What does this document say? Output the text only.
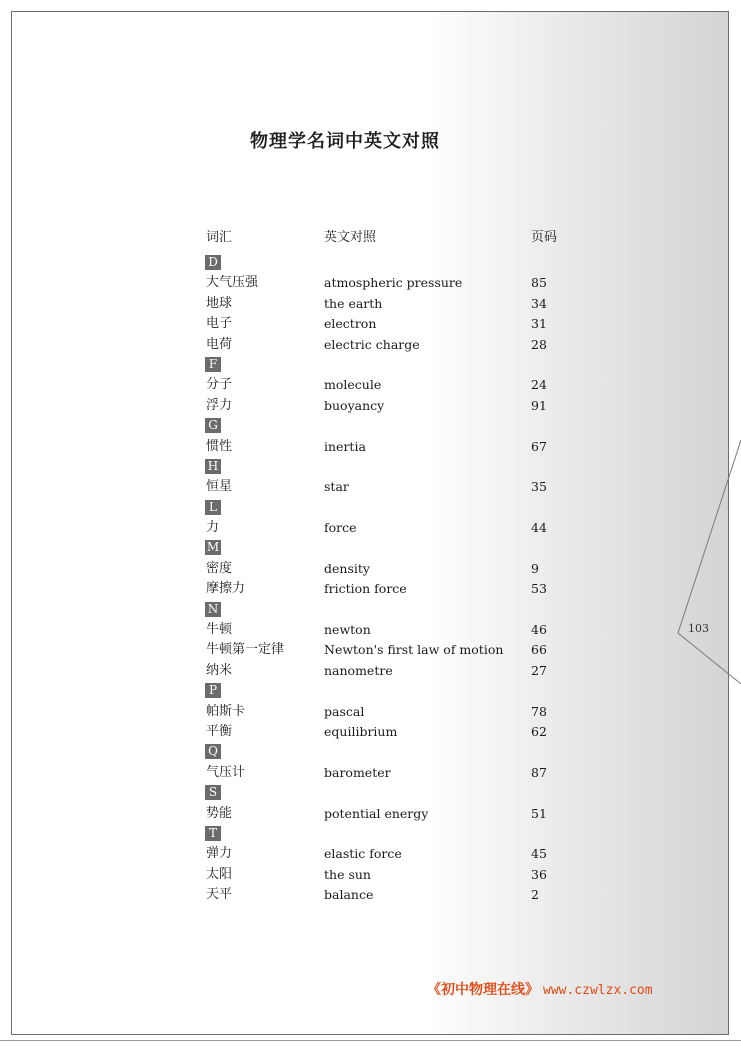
103
物理学名词中英文对照
词汇	英文对照	页码
D
大气压强	atmospheric pressure	85
地球	the earth	34
电子	electron	31
电荷	electric charge	28
F
分子	molecule	24
浮力	buoyancy	91
G
惯性	inertia	67
H
恒星	star	35
L
力	force	44
M
密度	density	9
摩擦力	friction force	53
N
牛顿	newton	46
牛顿第一定律	Newton's first law of motion 66
纳米	nanometre	27
P
帕斯卡	pascal	78
平衡	equilibrium	62
Q
气压计	barometer	87
S
势能	potential energy	51
T
弹力	elastic force	45
太阳	the sun	36
天平	balance	2
《初中物理在线》 www.czwlzx.com
